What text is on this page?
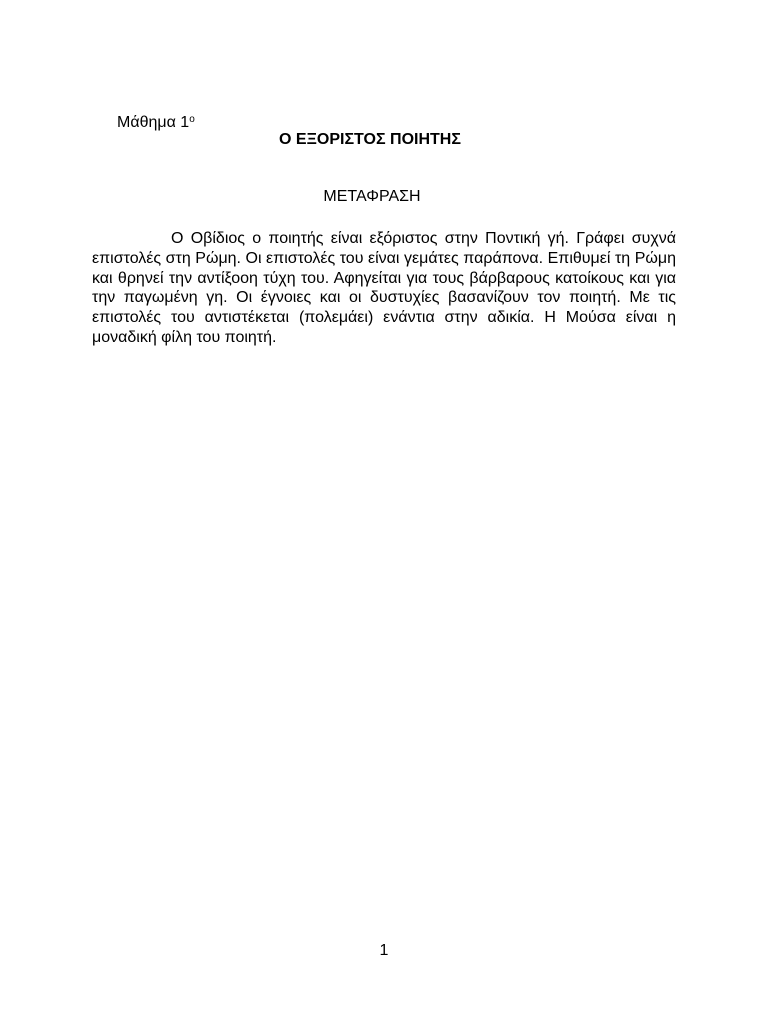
Μάθημα $1^o$
Ο ΕΞΟΡΙΣΤΟΣ ΠΟΙΗΤΗΣ
ΜΕΤΑΦΡΑΣΗ

Ο Οβίδιος ο ποιητής είναι εξόριστος στην Ποντική γή. Γράφει συχνά επιστολές στη Ρώμη. Οι επιστολές του είναι γεμάτες παράπονα. Επιθυμεί τη Ρώμη και θρηνεί την αντίξοoη τύχη του. Αφηγείται για τους βάρβαρους κατοίκους και για την παγωμένη γη. Οι έγνοιες και οι δυστυχίες βασανίζουν τον ποιητή. Με τις επιστολές του αντιστέκεται (πολεμάει) ενάντια στην αδικία. Η Μούσα είναι η μοναδική φίλη του ποιητή.

1
